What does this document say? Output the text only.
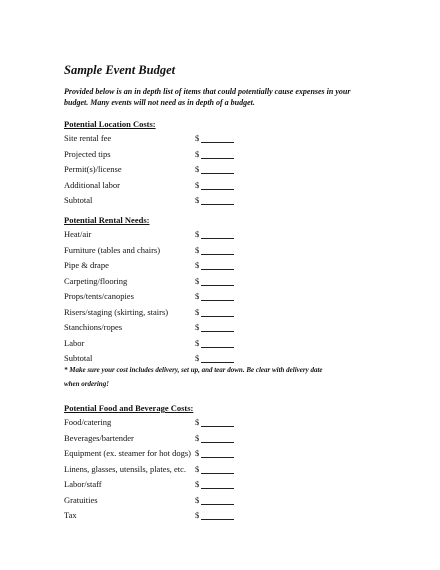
Sample Event Budget
Provided below is an in depth list of items that could potentially cause expenses in your
budget. Many events will not need as in depth of a budget.
Potential Location Costs:
Site rental fee	$
Projected tips	$
Permit(s)/license	$
Additional labor	$
Subtotal	$
Potential Rental Needs:
Heat/air	$
Furniture (tables and chairs)	$
Pipe & drape	$
Carpeting/flooring	$
Props/tents/canopies	$
Risers/staging (skirting, stairs)	$
Stanchions/ropes	$
Labor	$
Subtotal	$
* Make sure your cost includes delivery, set up, and tear down. Be clear with delivery date
when ordering!
Potential Food and Beverage Costs:
Food/catering	$
Beverages/bartender	$
Equipment (ex. steamer for hot dogs) $
Linens, glasses, utensils, plates, etc. $
Labor/staff	$
Gratuities	$
Tax	$
